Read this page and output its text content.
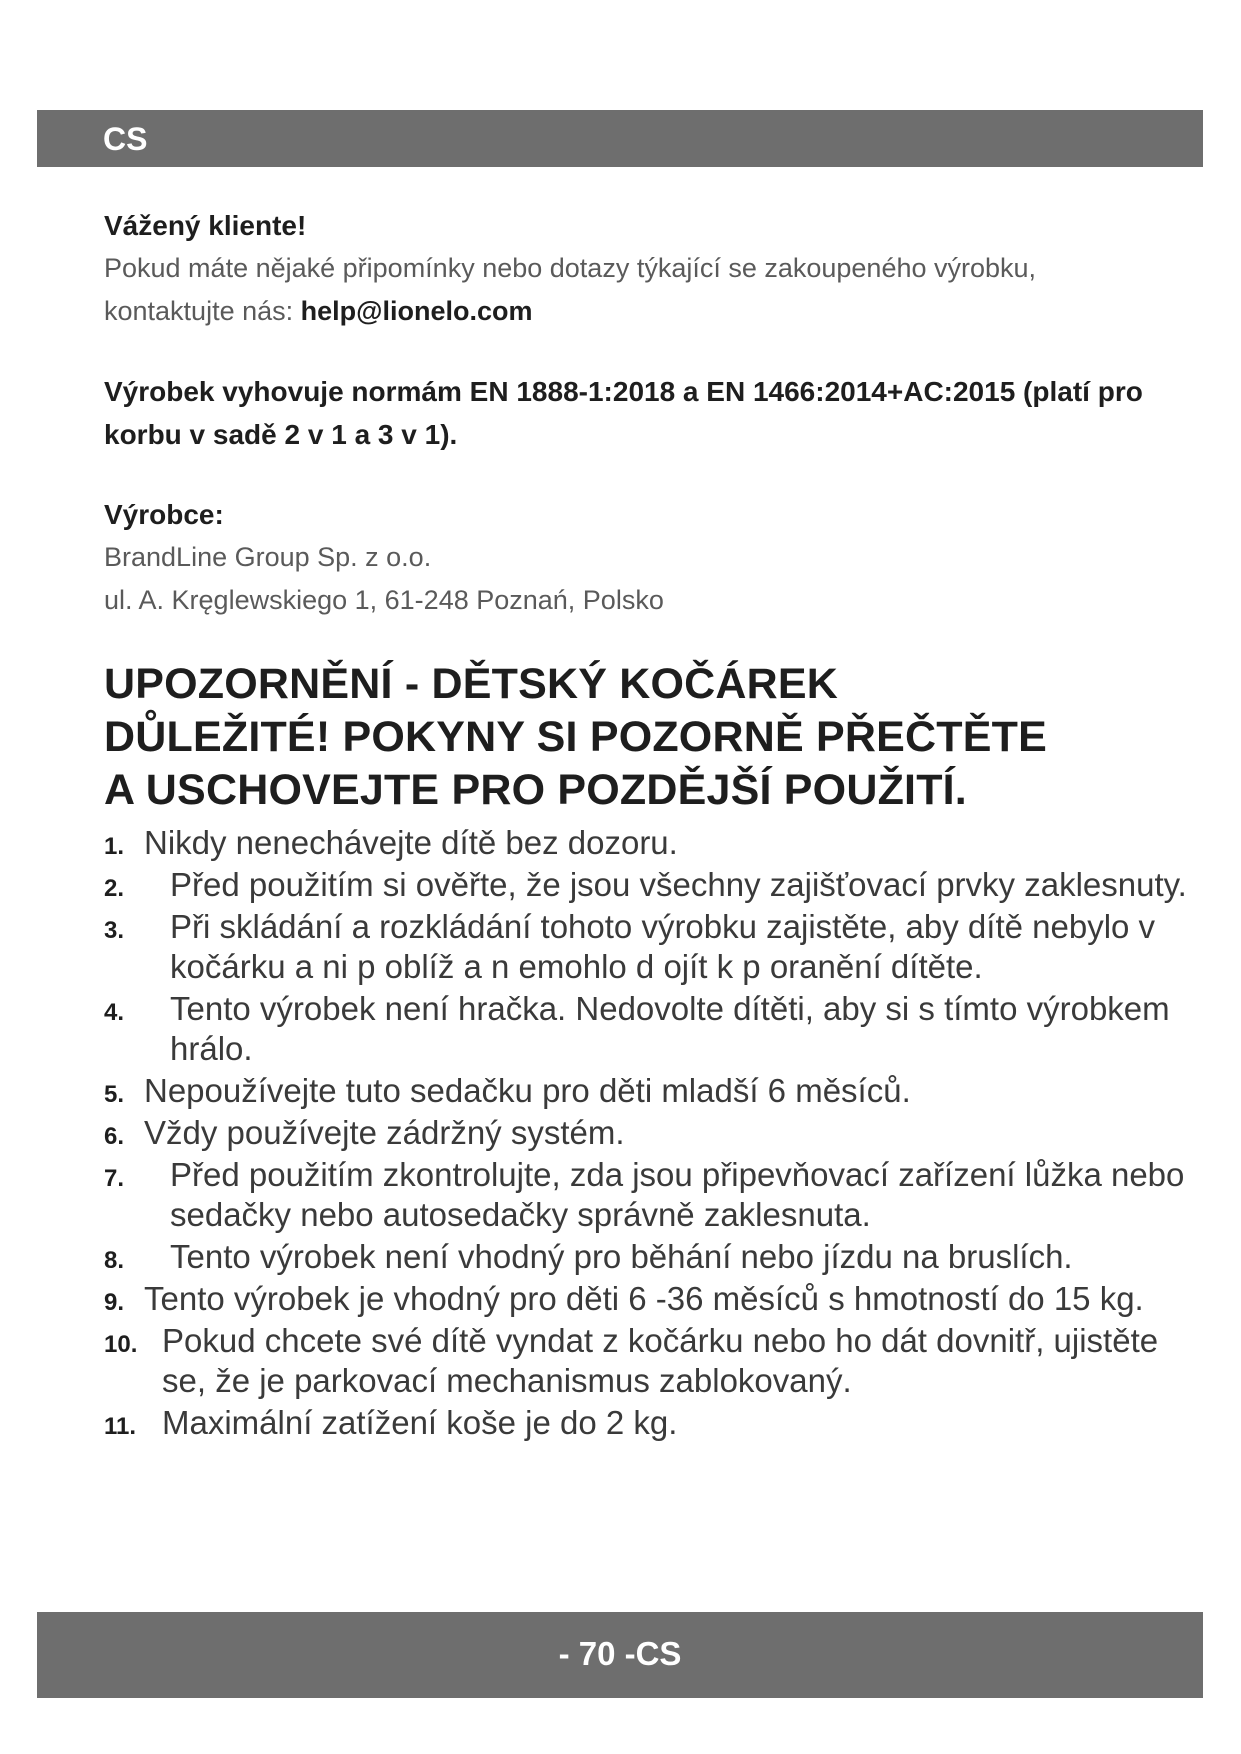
CS
Vážený kliente!
Pokud máte nějaké připomínky nebo dotazy týkající se zakoupeného výrobku,
kontaktujte nás: help@lionelo.com
Výrobek vyhovuje normám EN 1888-1:2018 a EN 1466:2014+AC:2015 (platí pro korbu v sadě 2 v 1 a 3 v 1).
Výrobce:
BrandLine Group Sp. z o.o.
ul. A. Kręglewskiego 1, 61-248 Poznań, Polsko
UPOZORNĚNÍ - DĚTSKÝ KOČÁREK
DŮLEŽITÉ! POKYNY SI POZORNĚ PŘEČTĚTE
A USCHOVEJTE PRO POZDĚJŠÍ POUŽITÍ.
1. Nikdy nenechávejte dítě bez dozoru.
2.	Před použitím si ověřte, že jsou všechny zajišťovací prvky zaklesnuty.
3.	Při skládání a rozkládání tohoto výrobku zajistěte, aby dítě nebylo v kočárku a ni p oblíž a n emohlo d ojít k p oranění dítěte.
4.	Tento výrobek není hračka. Nedovolte dítěti, aby si s tímto výrobkem hrálo.
5. Nepoužívejte tuto sedačku pro děti mladší 6 měsíců.
6. Vždy používejte zádržný systém.
7.	Před použitím zkontrolujte, zda jsou připevňovací zařízení lůžka nebo sedačky nebo autosedačky správně zaklesnuta.
8.	Tento výrobek není vhodný pro běhání nebo jízdu na bruslích.
9. Tento výrobek je vhodný pro děti 6 -36 měsíců s hmotností do 15 kg.
10. Pokud chcete své dítě vyndat z kočárku nebo ho dát dovnitř, ujistěte se, že je parkovací mechanismus zablokovaný.
11. Maximální zatížení koše je do 2 kg.
- 70 -CS
